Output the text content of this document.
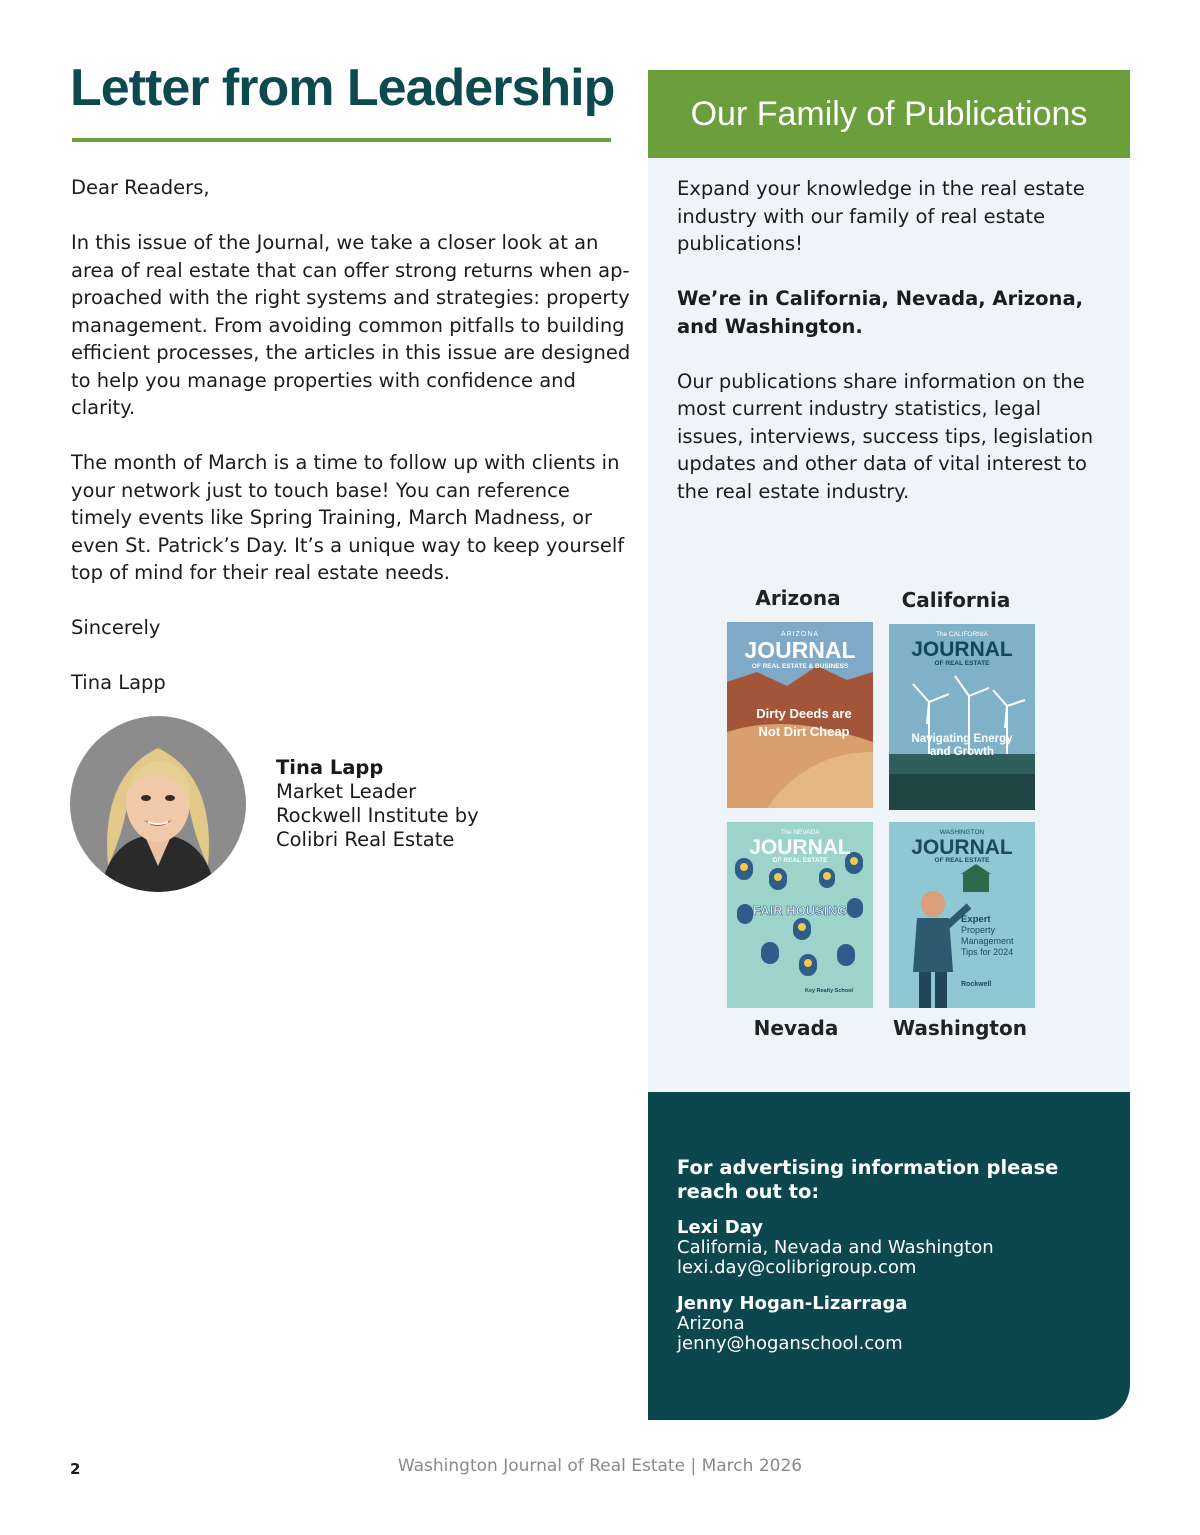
Letter from Leadership

Dear Readers,

In this issue of the Journal, we take a closer look at an area of real estate that can offer strong returns when ap-proached with the right systems and strategies: property management. From avoiding common pitfalls to building efficient processes, the articles in this issue are designed to help you manage properties with confidence and clarity.

The month of March is a time to follow up with clients in your network just to touch base! You can reference timely events like Spring Training, March Madness, or even St. Patrick’s Day. It’s a unique way to keep yourself top of mind for their real estate needs.

Sincerely

Tina Lapp

Tina Lapp
Market Leader
Rockwell Institute by
Colibri Real Estate
Our Family of Publications

Expand your knowledge in the real estate industry with our family of real estate publications!

We’re in California, Nevada, Arizona, and Washington.

Our publications share information on the most current industry statistics, legal issues, interviews, success tips, legislation updates and other data of vital interest to the real estate industry.

Arizona
ARIZONA
JOURNAL
OF REAL ESTATE & BUSINESS
Dirty Deeds are
Not Dirt Cheap
California
The CALIFORNIA
JOURNAL
OF REAL ESTATE
Navigating Energy
and Growth
The NEVADA
JOURNAL
OF REAL ESTATE
FAIR HOUSING
Key Realty School
Nevada
WASHINGTON
JOURNAL
OF REAL ESTATE
Expert
Property
Management
Tips for 2024
Rockwell
Washington
For advertising information please reach out to:
Lexi Day
California, Nevada and Washington
lexi.day@colibrigroup.com
Jenny Hogan-Lizarraga
Arizona
jenny@hoganschool.com
2	Washington Journal of Real Estate | March 2026
